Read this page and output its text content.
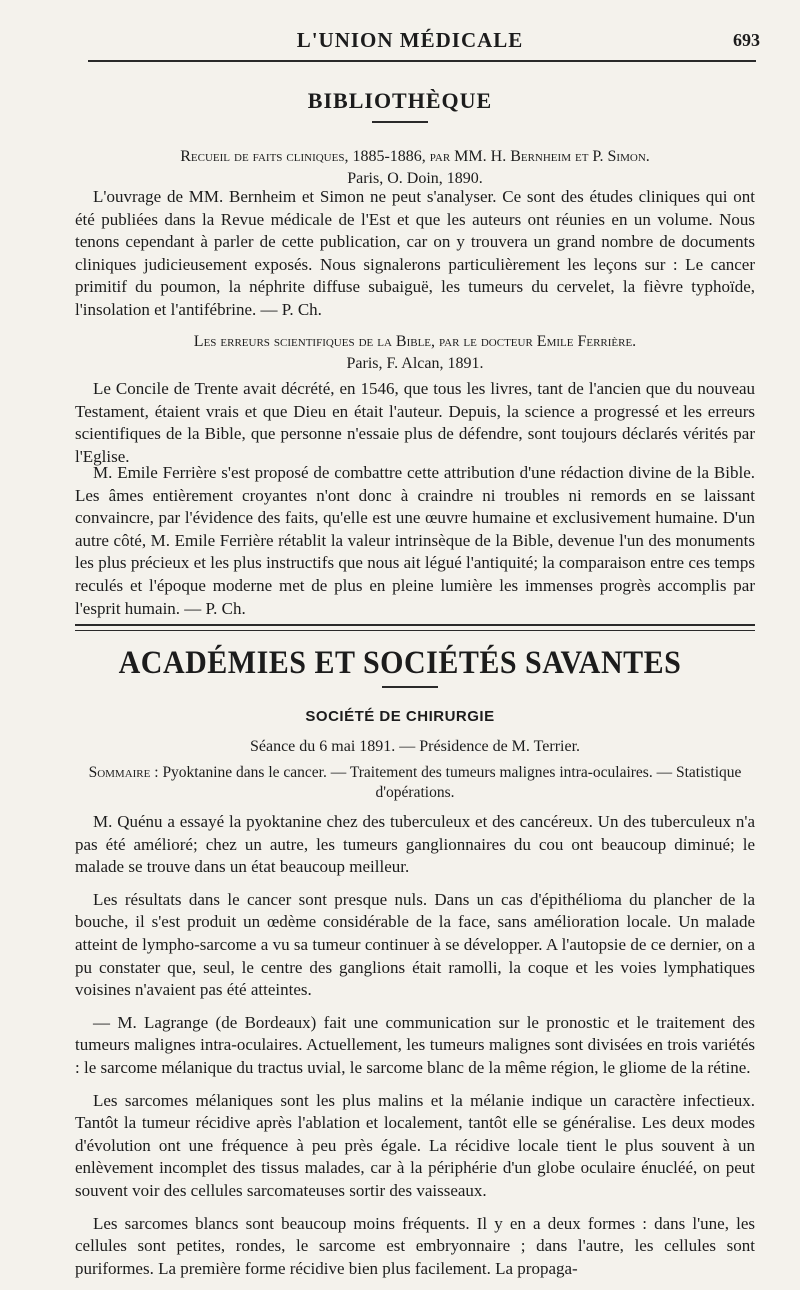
L'UNION MÉDICALE	693
BIBLIOTHÈQUE
Recueil de faits cliniques, 1885-1886, par MM. H. Bernheim et P. Simon.
Paris, O. Doin, 1890.

L'ouvrage de MM. Bernheim et Simon ne peut s'analyser. Ce sont des études cliniques qui ont été publiées dans la Revue médicale de l'Est et que les auteurs ont réunies en un volume. Nous tenons cependant à parler de cette publication, car on y trouvera un grand nombre de documents cliniques judicieusement exposés. Nous signalerons particulièrement les leçons sur : Le cancer primitif du poumon, la néphrite diffuse subaiguë, les tumeurs du cervelet, la fièvre typhoïde, l'insolation et l'antifébrine. — P. Ch.

Les erreurs scientifiques de la Bible, par le docteur Emile Ferrière.
Paris, F. Alcan, 1891.

Le Concile de Trente avait décrété, en 1546, que tous les livres, tant de l'ancien que du nouveau Testament, étaient vrais et que Dieu en était l'auteur. Depuis, la science a progressé et les erreurs scientifiques de la Bible, que personne n'essaie plus de défendre, sont toujours déclarés vérités par l'Eglise.

M. Emile Ferrière s'est proposé de combattre cette attribution d'une rédaction divine de la Bible. Les âmes entièrement croyantes n'ont donc à craindre ni troubles ni remords en se laissant convaincre, par l'évidence des faits, qu'elle est une œuvre humaine et exclusivement humaine. D'un autre côté, M. Emile Ferrière rétablit la valeur intrinsèque de la Bible, devenue l'un des monuments les plus précieux et les plus instructifs que nous ait légué l'antiquité; la comparaison entre ces temps reculés et l'époque moderne met de plus en pleine lumière les immenses progrès accomplis par l'esprit humain. — P. Ch.

ACADÉMIES ET SOCIÉTÉS SAVANTES
SOCIÉTÉ DE CHIRURGIE
Séance du 6 mai 1891. — Présidence de M. Terrier.
Sommaire : Pyoktanine dans le cancer. — Traitement des tumeurs malignes intra-oculaires. — Statistique d'opérations.

M. Quénu a essayé la pyoktanine chez des tuberculeux et des cancéreux. Un des tuberculeux n'a pas été amélioré; chez un autre, les tumeurs ganglionnaires du cou ont beaucoup diminué; le malade se trouve dans un état beaucoup meilleur.

Les résultats dans le cancer sont presque nuls. Dans un cas d'épithélioma du plancher de la bouche, il s'est produit un œdème considérable de la face, sans amélioration locale. Un malade atteint de lympho-sarcome a vu sa tumeur continuer à se développer. A l'autopsie de ce dernier, on a pu constater que, seul, le centre des ganglions était ramolli, la coque et les voies lymphatiques voisines n'avaient pas été atteintes.

— M. Lagrange (de Bordeaux) fait une communication sur le pronostic et le traitement des tumeurs malignes intra-oculaires. Actuellement, les tumeurs malignes sont divisées en trois variétés : le sarcome mélanique du tractus uvial, le sarcome blanc de la même région, le gliome de la rétine.

Les sarcomes mélaniques sont les plus malins et la mélanie indique un caractère infectieux. Tantôt la tumeur récidive après l'ablation et localement, tantôt elle se généralise. Les deux modes d'évolution ont une fréquence à peu près égale. La récidive locale tient le plus souvent à un enlèvement incomplet des tissus malades, car à la périphérie d'un globe oculaire énucléé, on peut souvent voir des cellules sarcomateuses sortir des vaisseaux.

Les sarcomes blancs sont beaucoup moins fréquents. Il y en a deux formes : dans l'une, les cellules sont petites, rondes, le sarcome est embryonnaire ; dans l'autre, les cellules sont puriformes. La première forme récidive bien plus facilement. La propaga-
